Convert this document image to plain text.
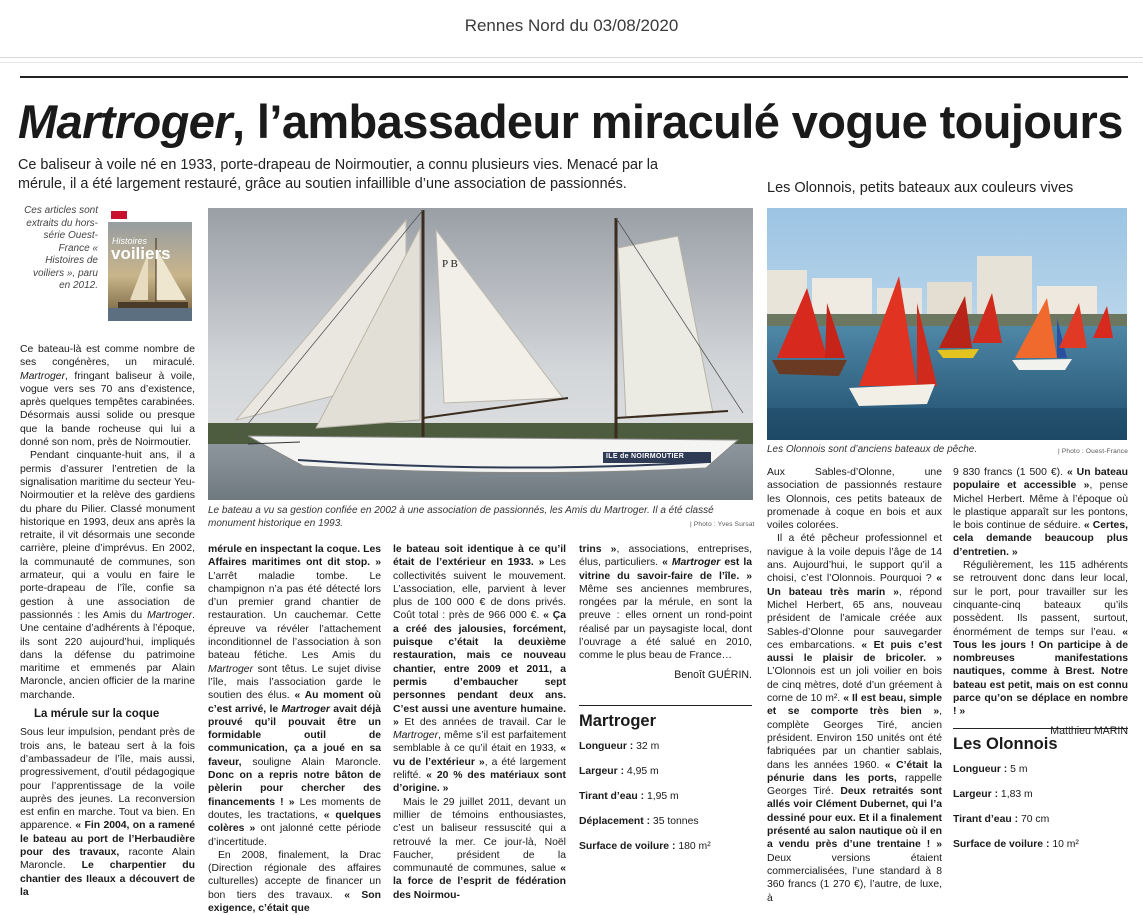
Rennes Nord du 03/08/2020
Martroger, l’ambassadeur miraculé vogue toujours
Ce baliseur à voile né en 1933, porte-drapeau de Noirmoutier, a connu plusieurs vies. Menacé par la mérule, il a été largement restauré, grâce au soutien infaillible d’une association de passionnés.
Ces articles sont extraits du hors-série Ouest-France « Histoires de voiliers », paru en 2012.
Histoires
voiliers
P B
ILE de NOIRMOUTIER
Le bateau a vu sa gestion confiée en 2002 à une association de passionnés, les Amis du Martroger. Il a été classé monument historique en 1993.	| Photo : Yves Sursat

Ce bateau-là est comme nombre de ses congénères, un miraculé. Martroger, fringant baliseur à voile, vogue vers ses 70 ans d’existence, après quelques tempêtes carabinées. Désormais aussi solide ou presque que la bande rocheuse qui lui a donné son nom, près de Noirmoutier.

Pendant cinquante-huit ans, il a permis d’assurer l’entretien de la signalisation maritime du secteur Yeu-Noirmoutier et la relève des gardiens du phare du Pilier. Classé monument historique en 1993, deux ans après la retraite, il vit désormais une seconde carrière, pleine d’imprévus. En 2002, la communauté de communes, son armateur, qui a voulu en faire le porte-drapeau de l’île, confie sa gestion à une association de passionnés : les Amis du Martroger. Une centaine d’adhérents à l’époque, ils sont 220 aujourd’hui, impliqués dans la défense du patrimoine maritime et emmenés par Alain Maroncle, ancien officier de la marine marchande.

La mérule sur la coque

Sous leur impulsion, pendant près de trois ans, le bateau sert à la fois d’ambassadeur de l’île, mais aussi, progressivement, d’outil pédagogique pour l’apprentissage de la voile auprès des jeunes. La reconversion est enfin en marche. Tout va bien. En apparence. « Fin 2004, on a ramené le bateau au port de l’Herbaudière pour des travaux, raconte Alain Maroncle. Le charpentier du chantier des Ileaux a découvert de la

mérule en inspectant la coque. Les Affaires maritimes ont dit stop. » L’arrêt maladie tombe. Le champignon n’a pas été détecté lors d’un premier grand chantier de restauration. Un cauchemar. Cette épreuve va révéler l’attachement inconditionnel de l’association à son bateau fétiche. Les Amis du Martroger sont têtus. Le sujet divise l’île, mais l’association garde le soutien des élus. « Au moment où c’est arrivé, le Martroger avait déjà prouvé qu’il pouvait être un formidable outil de communication, ça a joué en sa faveur, souligne Alain Maroncle. Donc on a repris notre bâton de pèlerin pour chercher des financements ! » Les moments de doutes, les tractations, « quelques colères » ont jalonné cette période d’incertitude.

En 2008, finalement, la Drac (Direction régionale des affaires culturelles) accepte de financer un bon tiers des travaux. « Son exigence, c’était que

le bateau soit identique à ce qu’il était de l’extérieur en 1933. » Les collectivités suivent le mouvement. L’association, elle, parvient à lever plus de 100 000 € de dons privés. Coût total : près de 966 000 €. « Ça a créé des jalousies, forcément, puisque c’était la deuxième restauration, mais ce nouveau chantier, entre 2009 et 2011, a permis d’embaucher sept personnes pendant deux ans. C’est aussi une aventure humaine. » Et des années de travail. Car le Martroger, même s’il est parfaitement semblable à ce qu’il était en 1933, « vu de l’extérieur », a été largement relifté. « 20 % des matériaux sont d’origine. »

Mais le 29 juillet 2011, devant un millier de témoins enthousiastes, c’est un baliseur ressuscité qui a retrouvé la mer. Ce jour-là, Noël Faucher, président de la communauté de communes, salue « la force de l’esprit de fédération des Noirmou-

trins », associations, entreprises, élus, particuliers. « Martroger est la vitrine du savoir-faire de l’île. » Même ses anciennes membrures, rongées par la mérule, en sont la preuve : elles ornent un rond-point réalisé par un paysagiste local, dont l’ouvrage a été salué en 2010, comme le plus beau de France…

Benoît GUÉRIN.

Martroger
Longueur : 32 m
Largeur : 4,95 m
Tirant d’eau : 1,95 m
Déplacement : 35 tonnes
Surface de voilure : 180 m²
Les Olonnois, petits bateaux aux couleurs vives
Les Olonnois sont d’anciens bateaux de pêche.	| Photo : Ouest-France

Aux Sables-d’Olonne, une association de passionnés restaure les Olonnois, ces petits bateaux de promenade à coque en bois et aux voiles colorées.

Il a été pêcheur professionnel et navigue à la voile depuis l’âge de 14 ans. Aujourd’hui, le support qu’il a choisi, c’est l’Olonnois. Pourquoi ? « Un bateau très marin », répond Michel Herbert, 65 ans, nouveau président de l’amicale créée aux Sables-d’Olonne pour sauvegarder ces embarcations. « Et puis c’est aussi le plaisir de bricoler. » L’Olonnois est un joli voilier en bois de cinq mètres, doté d’un gréement à corne de 10 m². « Il est beau, simple et se comporte très bien », complète Georges Tiré, ancien président. Environ 150 unités ont été fabriquées par un chantier sablais, dans les années 1960. « C’était la pénurie dans les ports, rappelle Georges Tiré. Deux retraités sont allés voir Clément Dubernet, qui l’a dessiné pour eux. Et il a finalement présenté au salon nautique où il en a vendu près d’une trentaine ! » Deux versions étaient commercialisées, l’une standard à 8 360 francs (1 270 €), l’autre, de luxe, à

9 830 francs (1 500 €). « Un bateau populaire et accessible », pense Michel Herbert. Même à l’époque où le plastique apparaît sur les pontons, le bois continue de séduire. « Certes, cela demande beaucoup plus d’entretien. »

Régulièrement, les 115 adhérents se retrouvent donc dans leur local, sur le port, pour travailler sur les cinquante-cinq bateaux qu’ils possèdent. Ils passent, surtout, énormément de temps sur l’eau. « Tous les jours ! On participe à de nombreuses manifestations nautiques, comme à Brest. Notre bateau est petit, mais on est connu parce qu’on se déplace en nombre ! »

Matthieu MARIN

Les Olonnois
Longueur : 5 m
Largeur : 1,83 m
Tirant d’eau : 70 cm
Surface de voilure : 10 m²
